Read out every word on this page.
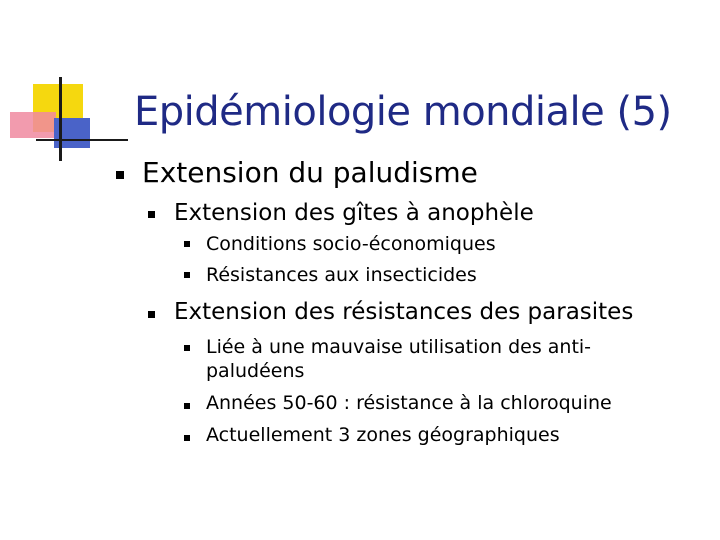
Epidémiologie mondiale (5)
Extension du paludisme
Extension des gîtes à anophèle
Conditions socio-économiques
Résistances aux insecticides
Extension des résistances des parasites
Liée à une mauvaise utilisation des anti-
paludéens
Années 50-60 : résistance à la chloroquine
Actuellement 3 zones géographiques
